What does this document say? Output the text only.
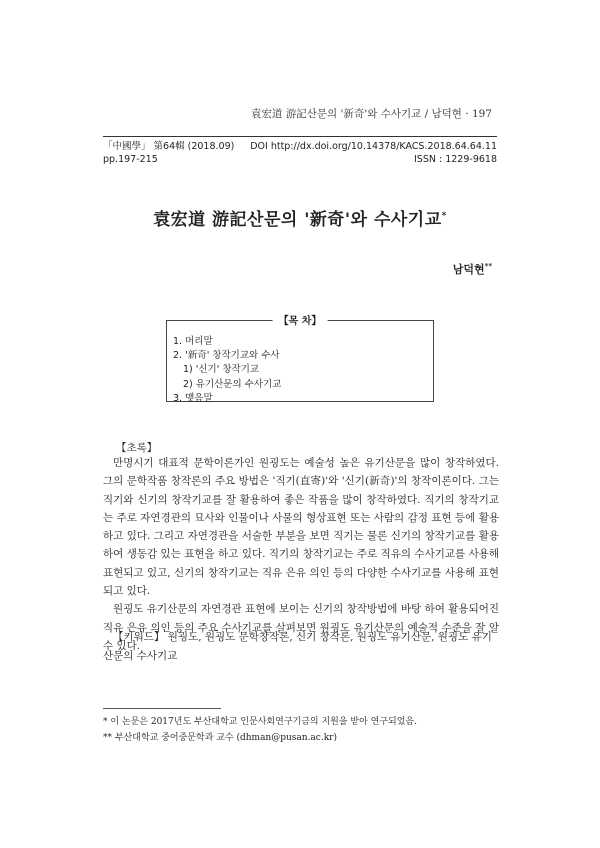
袁宏道 游記산문의 '新奇'와 수사기교 / 남덕현 · 197
「中國學」 第64輯 (2018.09) DOI http://dx.doi.org/10.14378/KACS.2018.64.64.11
pp.197-215	ISSN : 1229-9618
袁宏道 游記산문의 '新奇'와 수사기교*
남덕현**
【목 차】
1. 머리말
2. '新奇' 창작기교와 수사
1) '신기' 창작기교
2) 유기산문의 수사기교
3. 맺음말
【초록】

만명시기 대표적 문학이론가인 원굉도는 예술성 높은 유기산문을 많이 창작하였다. 그의 문학작품 창작론의 주요 방법은 '직기(直寄)'와 '신기(新奇)'의 창작이론이다. 그는 직기와 신기의 창작기교를 잘 활용하여 좋은 작품을 많이 창작하였다. 직기의 창작기교는 주로 자연경관의 묘사와 인물이나 사물의 형상표현 또는 사람의 감정 표현 등에 활용하고 있다. 그리고 자연경관을 서술한 부분을 보면 직기는 물론 신기의 창작기교를 활용하여 생동감 있는 표현을 하고 있다. 직기의 창작기교는 주로 직유의 수사기교를 사용해 표현되고 있고, 신기의 창작기교는 직유 은유 의인 등의 다양한 수사기교를 사용해 표현되고 있다.

원굉도 유기산문의 자연경관 표현에 보이는 신기의 창작방법에 바탕 하여 활용되어진 직유 은유 의인 등의 주요 수사기교를 살펴보면 원굉도 유기산문의 예술적 수준을 잘 알 수 있다.

【키워드】 원굉도, 원굉도 문학창작론, 신기 창작론, 원굉도 유기산문, 원굉도 유기산문의 수사기교

* 이 논문은 2017년도 부산대학교 인문사회연구기금의 지원을 받아 연구되었음.
** 부산대학교 중어중문학과 교수 (dhman@pusan.ac.kr)
